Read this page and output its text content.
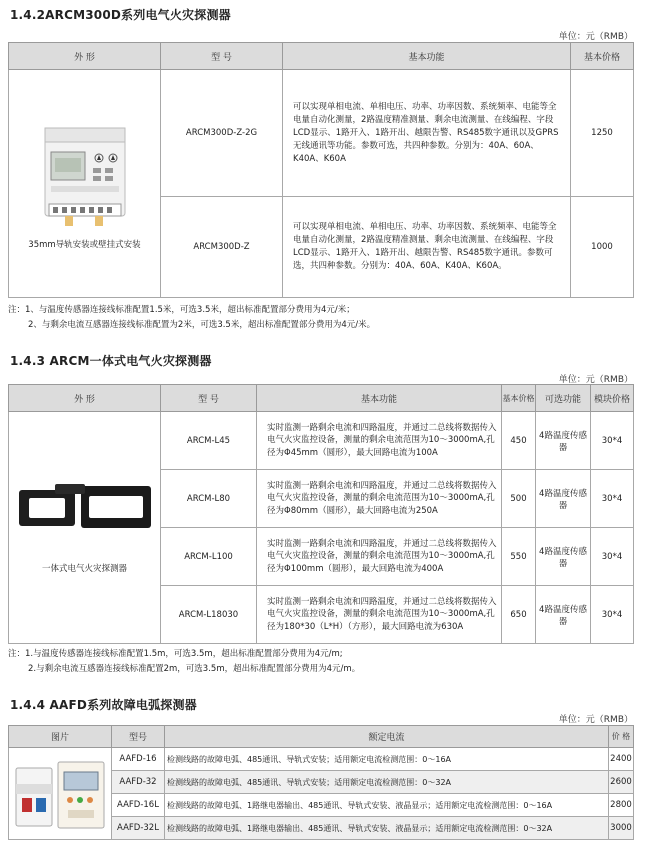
1.4.2ARCM300D系列电气火灾探测器
单位：元（RMB）
外 形	型 号	基本功能	基本价格

35mm导轨安装或壁挂式安装	ARCM300D-Z-2G	可以实现单相电流、单相电压、功率、功率因数、系统频率、电能等全电量自动化测量，2路温度精准测量、剩余电流测量、在线编程、字段LCD显示、1路开入、1路开出、越限告警、RS485数字通讯以及GPRS无线通讯等功能。参数可选，共四种参数。分别为：40A、60A、K40A、K60A	1250
	ARCM300D-Z	可以实现单相电流、单相电压、功率、功率因数、系统频率、电能等全电量自动化测量，2路温度精准测量、剩余电流测量、在线编程、字段LCD显示、1路开入、1路开出、越限告警、RS485数字通讯。参数可选，共四种参数。分别为：40A、60A、K40A、K60A。	1000
注：1、与温度传感器连接线标准配置1.5米，可选3.5米，超出标准配置部分费用为4元/米；
2、与剩余电流互感器连接线标准配置为2米，可选3.5米，超出标准配置部分费用为4元/米。
1.4.3 ARCM一体式电气火灾探测器
单位：元（RMB）
外 形	型 号	基本功能	基本价格	可选功能	模块价格

一体式电气火灾探测器	ARCM-L45	实时监测一路剩余电流和四路温度，并通过二总线将数据传入电气火灾监控设备，测量的剩余电流范围为10～3000mA,孔径为Φ45mm（圆形），最大回路电流为100A	450	4路温度传感器	30*4
	ARCM-L80	实时监测一路剩余电流和四路温度，并通过二总线将数据传入电气火灾监控设备，测量的剩余电流范围为10～3000mA,孔径为Φ80mm（圆形），最大回路电流为250A	500	4路温度传感器	30*4
	ARCM-L100	实时监测一路剩余电流和四路温度，并通过二总线将数据传入电气火灾监控设备，测量的剩余电流范围为10～3000mA,孔径为Φ100mm（圆形），最大回路电流为400A	550	4路温度传感器	30*4
	ARCM-L18030	实时监测一路剩余电流和四路温度，并通过二总线将数据传入电气火灾监控设备，测量的剩余电流范围为10～3000mA,孔径为180*30（L*H）（方形），最大回路电流为630A	650	4路温度传感器	30*4
注：1.与温度传感器连接线标准配置1.5m，可选3.5m，超出标准配置部分费用为4元/m;
2.与剩余电流互感器连接线标准配置2m，可选3.5m，超出标准配置部分费用为4元/m。
1.4.4 AAFD系列故障电弧探测器
单位：元（RMB）
图片	型号	额定电流	价 格

	AAFD-16	检测线路的故障电弧、485通讯、导轨式安装；适用额定电流检测范围：0～16A	2400
	AAFD-32	检测线路的故障电弧、485通讯、导轨式安装；适用额定电流检测范围：0～32A	2600
	AAFD-16L	检测线路的故障电弧、1路继电器输出、485通讯、导轨式安装、液晶显示；适用额定电流检测范围：0～16A	2800
	AAFD-32L	检测线路的故障电弧、1路继电器输出、485通讯、导轨式安装、液晶显示；适用额定电流检测范围：0～32A	3000
